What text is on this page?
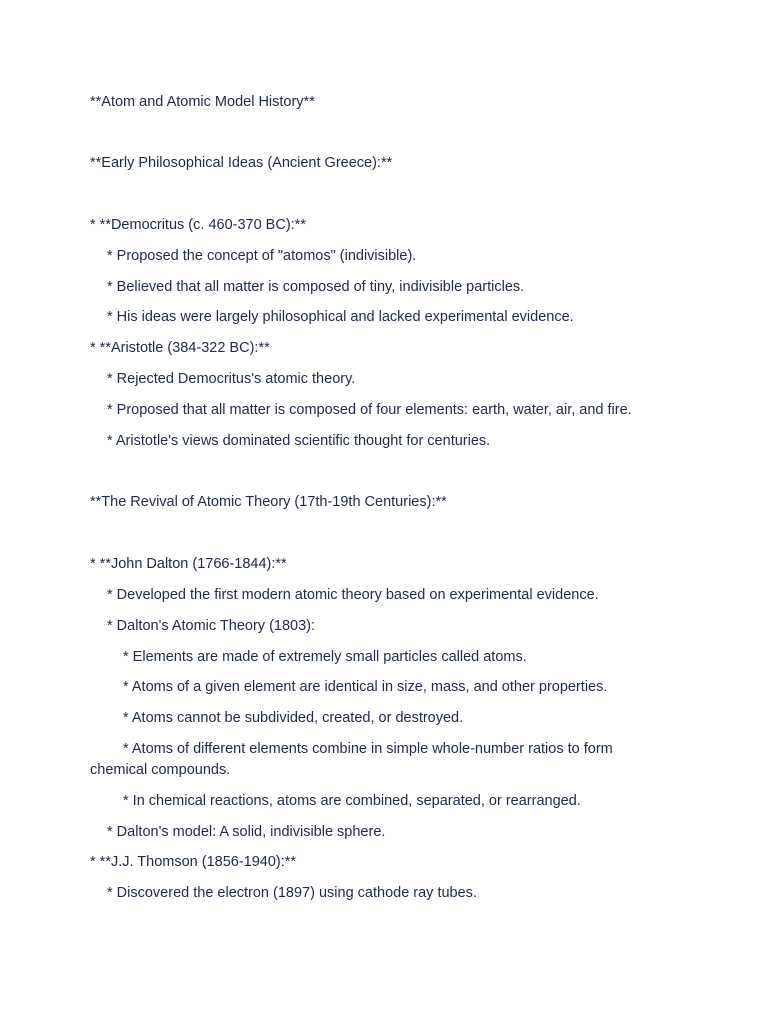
**Atom and Atomic Model History**
**Early Philosophical Ideas (Ancient Greece):**
* **Democritus (c. 460-370 BC):**
* Proposed the concept of "atomos" (indivisible).
* Believed that all matter is composed of tiny, indivisible particles.
* His ideas were largely philosophical and lacked experimental evidence.
* **Aristotle (384-322 BC):**
* Rejected Democritus's atomic theory.
* Proposed that all matter is composed of four elements: earth, water, air, and fire.
* Aristotle's views dominated scientific thought for centuries.
**The Revival of Atomic Theory (17th-19th Centuries):**
* **John Dalton (1766-1844):**
* Developed the first modern atomic theory based on experimental evidence.
* Dalton's Atomic Theory (1803):
* Elements are made of extremely small particles called atoms.
* Atoms of a given element are identical in size, mass, and other properties.
* Atoms cannot be subdivided, created, or destroyed.
* Atoms of different elements combine in simple whole-number ratios to form chemical compounds.
* In chemical reactions, atoms are combined, separated, or rearranged.
* Dalton's model: A solid, indivisible sphere.
* **J.J. Thomson (1856-1940):**
* Discovered the electron (1897) using cathode ray tubes.
